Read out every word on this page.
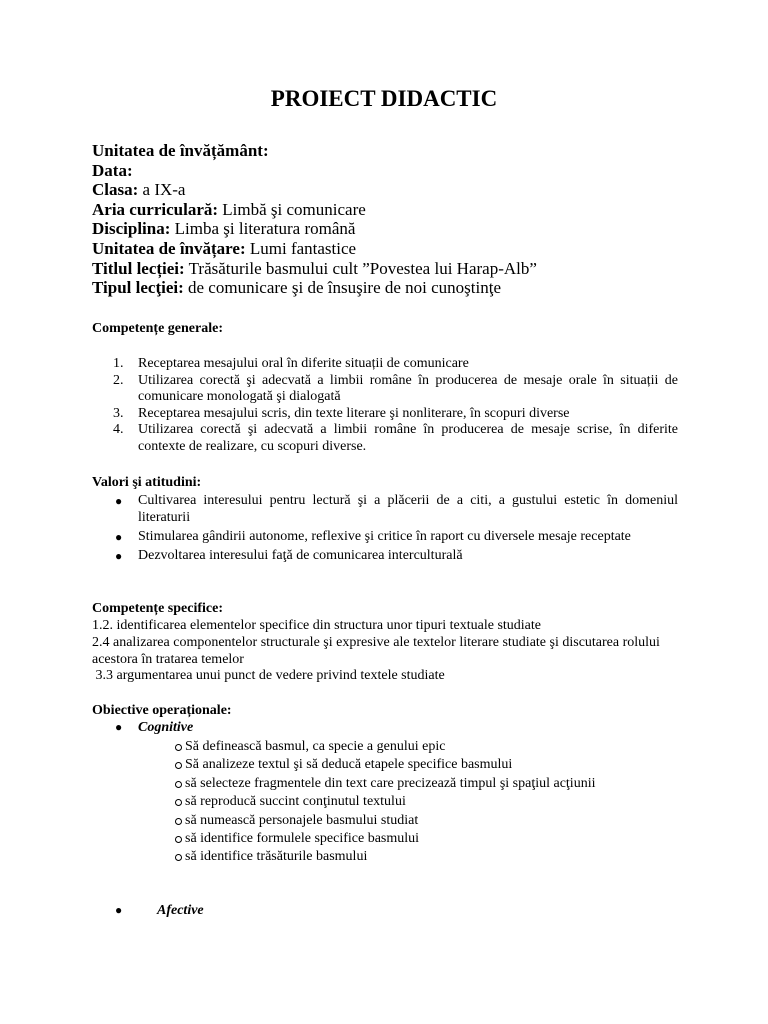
PROIECT DIDACTIC
Unitatea de învățământ:
Data:
Clasa: a IX-a
Aria curriculară: Limbă şi comunicare
Disciplina: Limba şi literatura română
Unitatea de învățare: Lumi fantastice
Titlul lecției: Trăsăturile basmului cult ”Povestea lui Harap-Alb”
Tipul lecţiei: de comunicare şi de însuşire de noi cunoştinţe
Competențe generale:
1. Receptarea mesajului oral în diferite situații de comunicare
2. Utilizarea corectă şi adecvată a limbii române în producerea de mesaje orale în situații de comunicare monologată şi dialogată
3. Receptarea mesajului scris, din texte literare şi nonliterare, în scopuri diverse
4. Utilizarea corectă şi adecvată a limbii române în producerea de mesaje scrise, în diferite contexte de realizare, cu scopuri diverse.
Valori şi atitudini:
● Cultivarea interesului pentru lectură şi a plăcerii de a citi, a gustului estetic în domeniul literaturii
● Stimularea gândirii autonome, reflexive şi critice în raport cu diversele mesaje receptate
● Dezvoltarea interesului faţă de comunicarea interculturală
Competențe specifice:
1.2. identificarea elementelor specifice din structura unor tipuri textuale studiate
2.4 analizarea componentelor structurale şi expresive ale textelor literare studiate şi discutarea rolului acestora în tratarea temelor
3.3 argumentarea unui punct de vedere privind textele studiate
Obiective operaționale:
● Cognitive
Să definească basmul, ca specie a genului epic
Să analizeze textul şi să deducă etapele specifice basmului
să selecteze fragmentele din text care precizează timpul şi spaţiul acţiunii
să reproducă succint conţinutul textului
să numească personajele basmului studiat
să identifice formulele specifice basmului
să identifice trăsăturile basmului
● Afective
